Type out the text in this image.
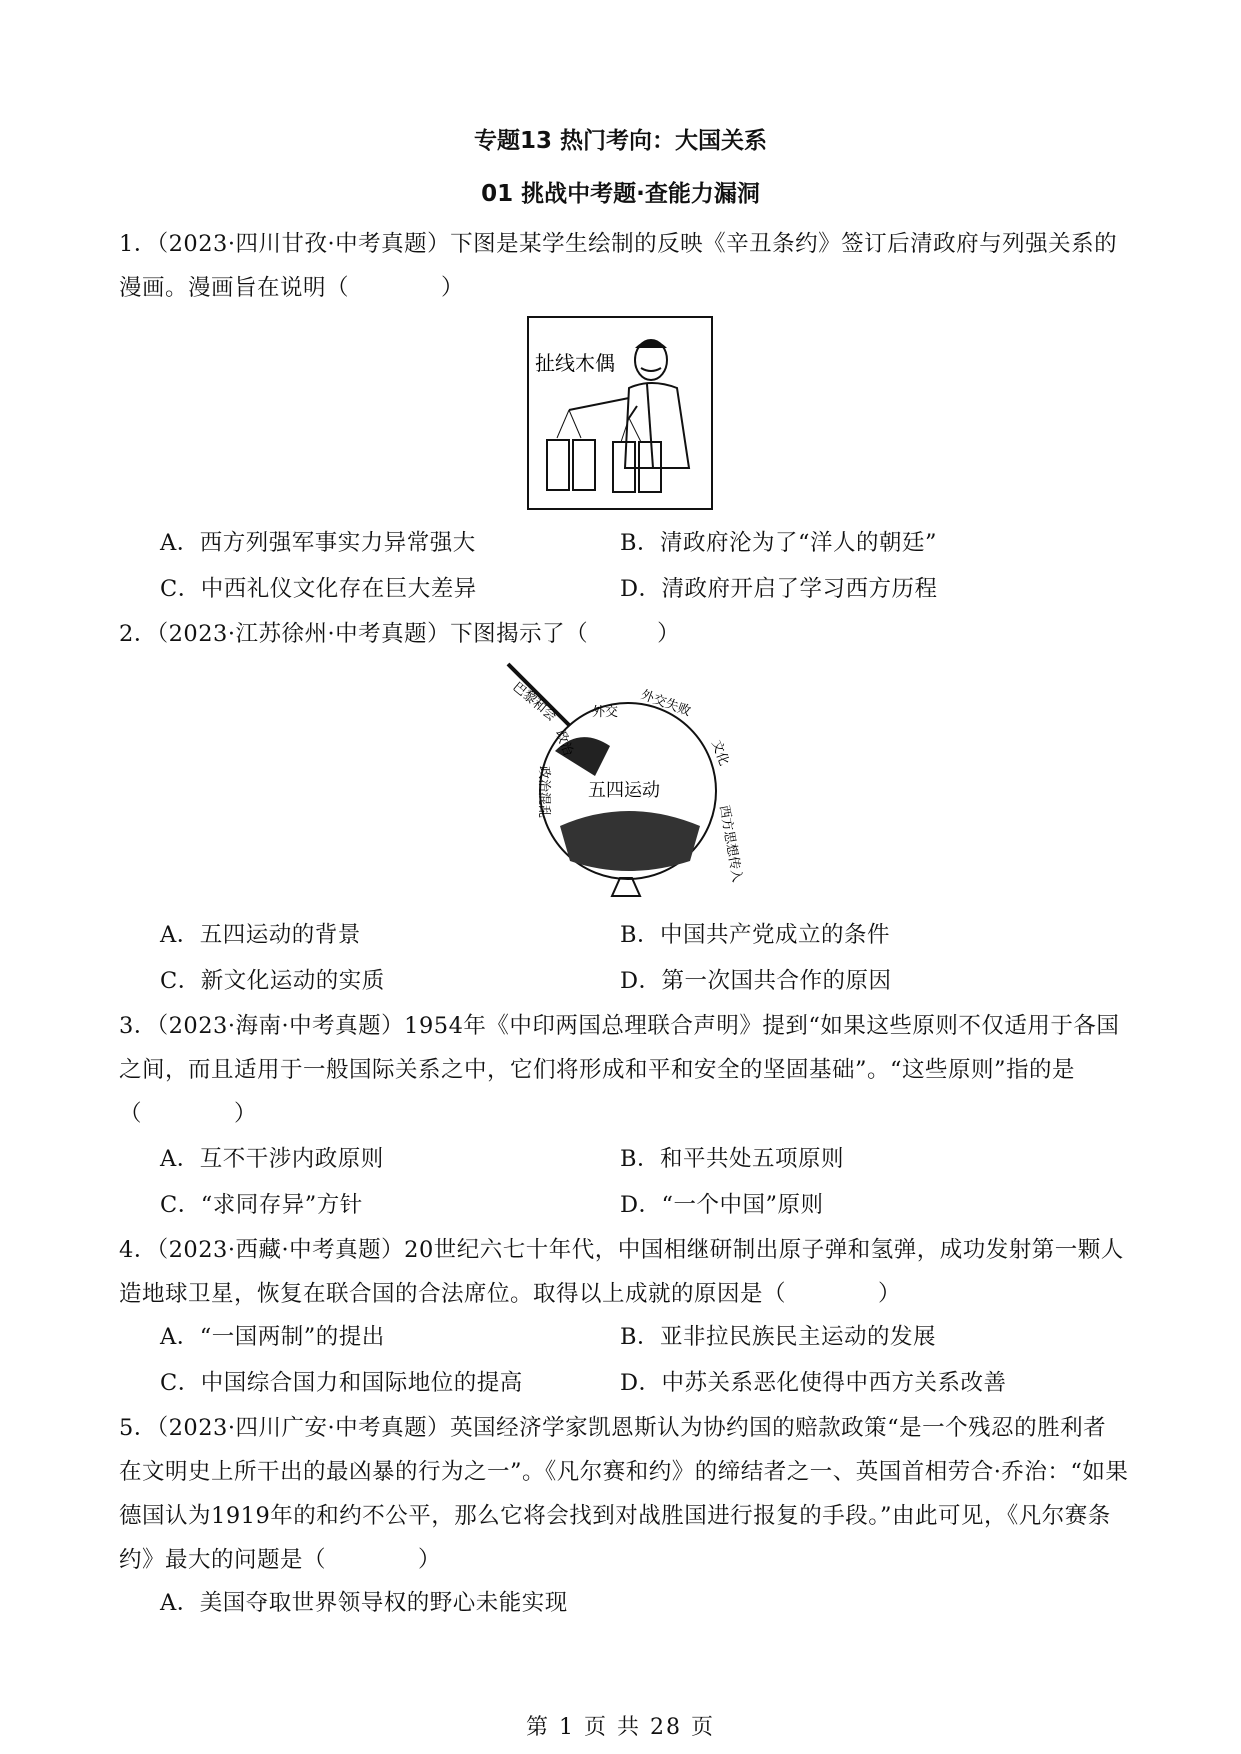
专题13 热门考向：大国关系
01 挑战中考题·查能力漏洞
1．（2023·四川甘孜·中考真题）下图是某学生绘制的反映《辛丑条约》签订后清政府与列强关系的漫画。漫画旨在说明（　　　　）
扯线木偶
A．西方列强军事实力异常强大	B．清政府沦为了“洋人的朝廷”
C．中西礼仪文化存在巨大差异	D．清政府开启了学习西方历程
2．（2023·江苏徐州·中考真题）下图揭示了（　　　）
五四运动
巴黎和会	外交 外交失败
政治
政治混乱
文化
西方思想传入
A．五四运动的背景	B．中国共产党成立的条件
C．新文化运动的实质	D．第一次国共合作的原因
3．（2023·海南·中考真题）1954年《中印两国总理联合声明》提到“如果这些原则不仅适用于各国之间，而且适用于一般国际关系之中，它们将形成和平和安全的坚固基础”。“这些原则”指的是（　　　　）
A．互不干涉内政原则	B．和平共处五项原则
C．“求同存异”方针	D．“一个中国”原则
4．（2023·西藏·中考真题）20世纪六七十年代，中国相继研制出原子弹和氢弹，成功发射第一颗人造地球卫星，恢复在联合国的合法席位。取得以上成就的原因是（　　　　）
A．“一国两制”的提出	B．亚非拉民族民主运动的发展
C．中国综合国力和国际地位的提高	D．中苏关系恶化使得中西方关系改善
5．（2023·四川广安·中考真题）英国经济学家凯恩斯认为协约国的赔款政策“是一个残忍的胜利者在文明史上所干出的最凶暴的行为之一”。《凡尔赛和约》的缔结者之一、英国首相劳合·乔治：“如果德国认为1919年的和约不公平，那么它将会找到对战胜国进行报复的手段。”由此可见，《凡尔赛条约》最大的问题是（　　　　）
A．美国夺取世界领导权的野心未能实现
第 1 页 共 28 页
